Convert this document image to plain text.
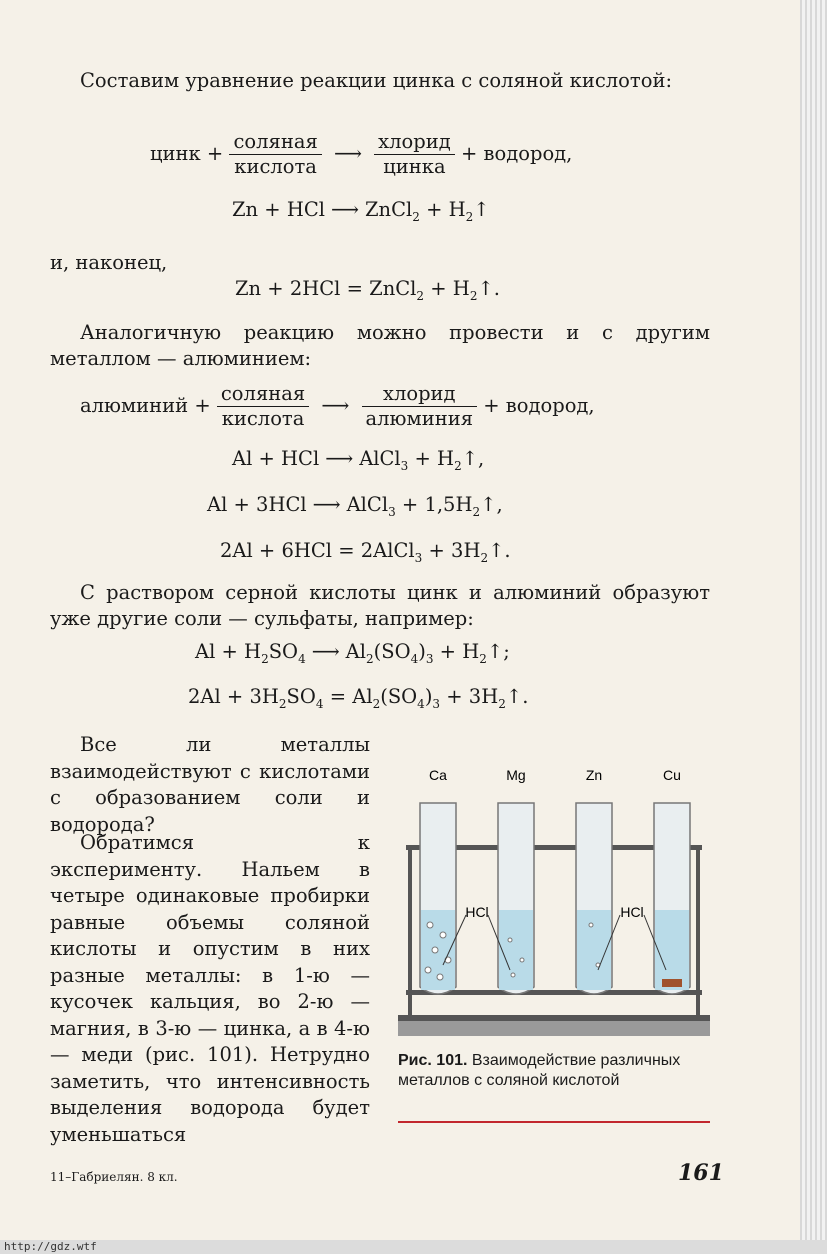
Составим уравнение реакции цинка с соляной кислотой:
цинк + $\frac{\text{соляная}}{\text{кислота}}$ ⟶ $\frac{\text{хлорид}}{\text{цинка}}$ + водород,
Zn + HCl ⟶ ZnCl$_2$ + $H_2↑$
и, наконец,
Zn + 2HCl = ZnCl$_2$ + $H_2↑$.
Аналогичную реакцию можно провести и с другим металлом — алюминием:
алюминий + $\frac{\text{соляная}}{\text{кислота}}$ ⟶ $\frac{\text{хлорид}}{\text{алюминия}}$ + водород,
Al + HCl ⟶ AlCl$_3$ + $H_2↑$,
Al + 3HCl ⟶ AlCl$_3$ + $1,5H_2↑$,
2Al + 6HCl = 2AlCl$_3$ + $3H_2↑$.
С раствором серной кислоты цинк и алюминий образуют уже другие соли — сульфаты, например:
$Al + H_2SO_4$ ⟶ $Al_2(SO_4)_3$ + $H_2↑$;
$2Al + 3H_2SO_4 = Al_2(SO_4)_3$ + $3H_2↑$.
Все ли металлы взаимодействуют с кислотами с образованием соли и водорода?
Обратимся к эксперименту. Нальем в четыре одинаковые пробирки равные объемы соляной кислоты и опустим в них разные металлы: в 1-ю — кусочек кальция, во 2-ю — магния, в 3-ю — цинка, а в 4-ю — меди (рис. 101). Нетрудно заметить, что интенсивность выделения водорода будет уменьшаться
Ca	Mg	Zn	Cu
HCl	HCl
Рис. 101. Взаимодействие различных металлов с соляной кислотой
11–Габриелян. 8 кл.	161
http://gdz.wtf
